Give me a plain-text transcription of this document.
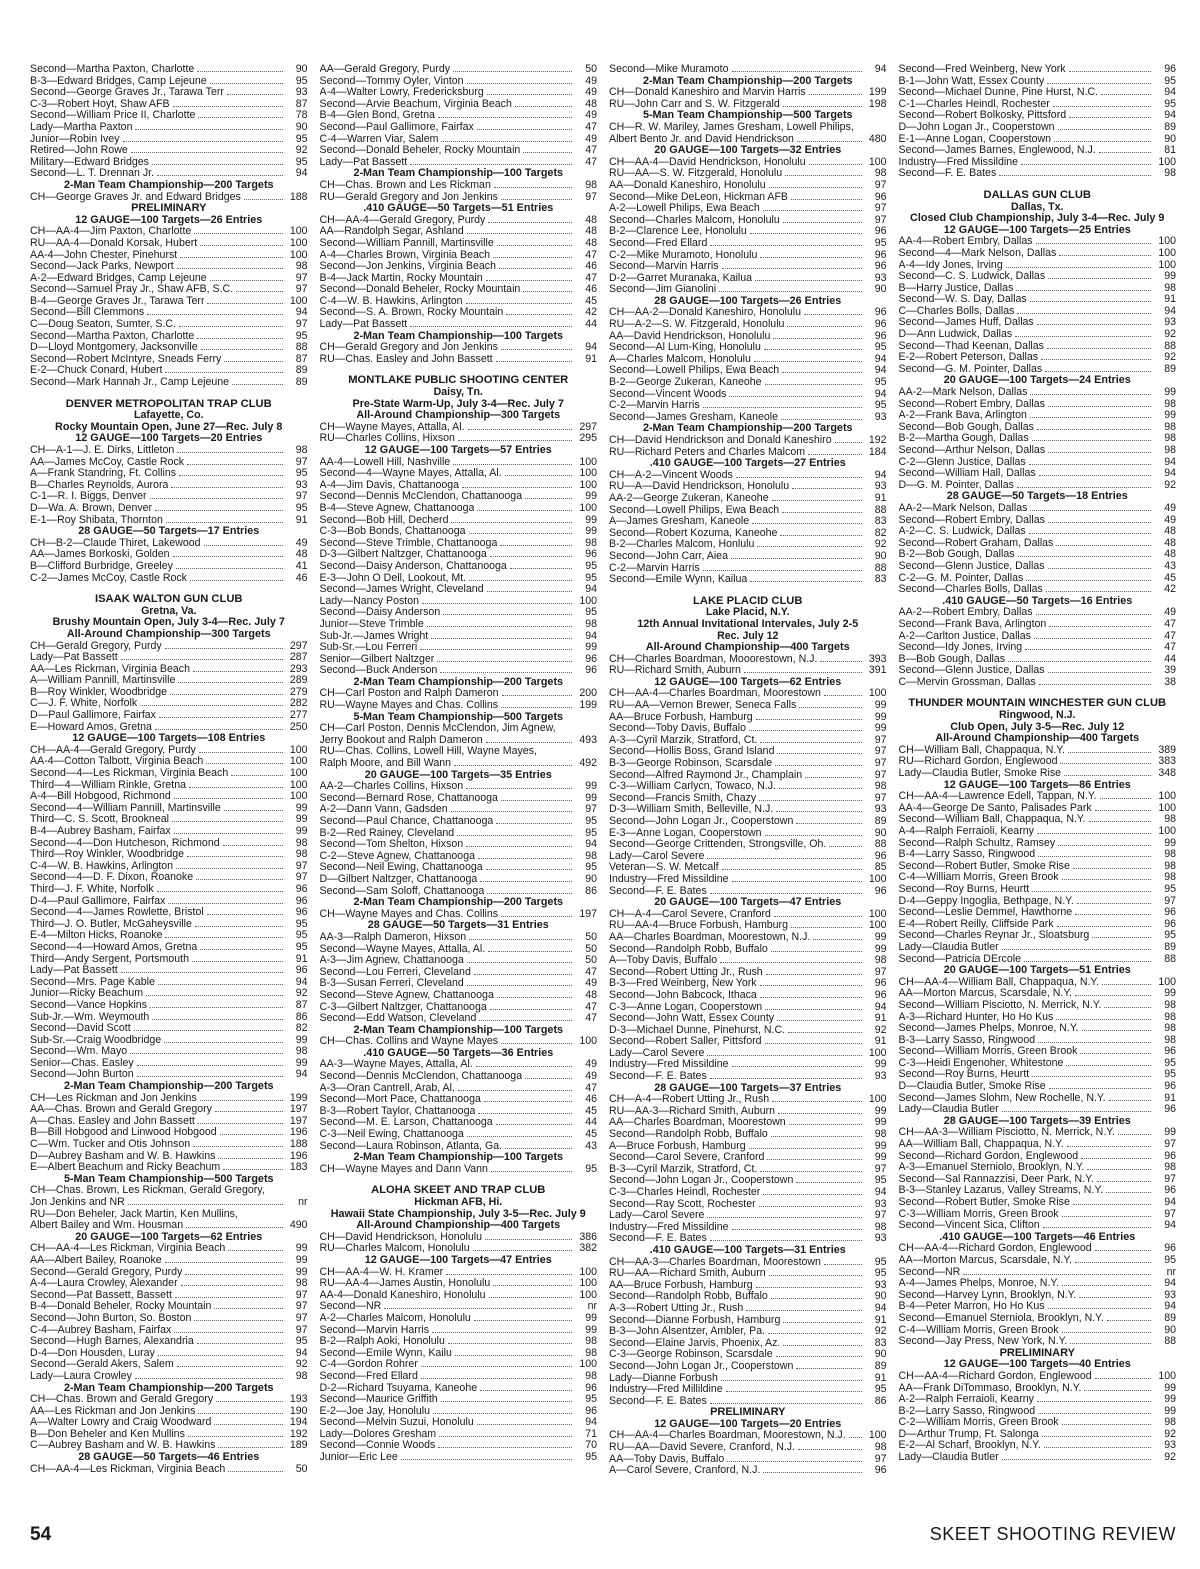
Second—Martha Paxton, Charlotte	90
B-3—Edward Bridges, Camp Lejeune	95
Second—George Graves Jr., Tarawa Terr	93
C-3—Robert Hoyt, Shaw AFB	87
Second—William Price II, Charlotte	78
Lady—Martha Paxton	90
Junior—Robin Ivey	95
Retired—John Rowe	92
Military—Edward Bridges	95
Second—L. T. Drennan Jr.	94
2-Man Team Championship—200 Targets
CH—George Graves Jr. and Edward Bridges	188
PRELIMINARY
12 GAUGE—100 Targets—26 Entries
CH—AA-4—Jim Paxton, Charlotte	100
RU—AA-4—Donald Korsak, Hubert	100
AA-4—John Chester, Pinehurst	100
Second—Jack Parks, Newport	98
A-2—Edward Bridges, Camp Lejeune	97
Second—Samuel Pray Jr., Shaw AFB, S.C.	97
B-4—George Graves Jr., Tarawa Terr	100
Second—Bill Clemmons	94
C—Doug Seaton, Sumter, S.C.	97
Second—Martha Paxton, Charlotte	95
D—Lloyd Montgomery, Jacksonville	88
Second—Robert McIntyre, Sneads Ferry	87
E-2—Chuck Conard, Hubert	89
Second—Mark Hannah Jr., Camp Lejeune	89
DENVER METROPOLITAN TRAP CLUB
Lafayette, Co.
Rocky Mountain Open, June 27—Rec. July 8
12 GAUGE—100 Targets—20 Entries
CH—A-1—J. E. Dirks, Littleton	98
AA—James McCoy, Castle Rock	97
A—Frank Standring, Ft. Collins	95
B—Charles Reynolds, Aurora	93
C-1—R. I. Biggs, Denver	97
D—Wa. A. Brown, Denver	95
E-1—Roy Shibata, Thornton	91
28 GAUGE—50 Targets—17 Entries
CH—B-2—Claude Thiret, Lakewood	49
AA—James Borkoski, Golden	48
B—Clifford Burbridge, Greeley	41
C-2—James McCoy, Castle Rock	46
ISAAK WALTON GUN CLUB
Gretna, Va.
Brushy Mountain Open, July 3-4—Rec. July 7
All-Around Championship—300 Targets
CH—Gerald Gregory, Purdy	297
Lady—Pat Bassett	287
AA—Les Rickman, Virginia Beach	293
A—William Pannill, Martinsville	289
B—Roy Winkler, Woodbridge	279
C—J. F. White, Norfolk	282
D—Paul Gallimore, Fairfax	277
E—Howard Amos, Gretna	250
12 GAUGE—100 Targets—108 Entries
CH—AA-4—Gerald Gregory, Purdy	100
AA-4—Cotton Talbott, Virginia Beach	100
Second—4—Les Rickman, Virginia Beach	100
Third—4—William Rinkle, Gretna	100
A-4—Bill Hobgood, Richmond	100
Second—4—William Pannill, Martinsville	99
Third—C. S. Scott, Brookneal	99
B-4—Aubrey Basham, Fairfax	99
Second—4—Don Hutcheson, Richmond	98
Third—Roy Winkler, Woodbridge	98
C-4—W. B. Hawkins, Arlington	97
Second—4—D. F. Dixon, Roanoke	97
Third—J. F. White, Norfolk	96
D-4—Paul Gallimore, Fairfax	96
Second—4—James Rowlette, Bristol	96
Third—J. O. Butler, McGaheysville	95
E-4—Milton Hicks, Roanoke	95
Second—4—Howard Amos, Gretna	95
Third—Andy Sergent, Portsmouth	91
Lady—Pat Bassett	96
Second—Mrs. Page Kable	94
Junior—Ricky Beachum	92
Second—Vance Hopkins	87
Sub-Jr.—Wm. Weymouth	86
Second—David Scott	82
Sub-Sr.—Craig Woodbridge	99
Second—Wm. Mayo	98
Senior—Chas. Easley	99
Second—John Burton	94
2-Man Team Championship—200 Targets
CH—Les Rickman and Jon Jenkins	199
AA—Chas. Brown and Gerald Gregory	197
A—Chas. Easley and John Bassett	197
B—Bill Hobgood and Linwood Hobgood	196
C—Wm. Tucker and Otis Johnson	188
D—Aubrey Basham and W. B. Hawkins	196
E—Albert Beachum and Ricky Beachum	183
5-Man Team Championship—500 Targets
CH—Chas. Brown, Les Rickman, Gerald Gregory,
Jon Jenkins and NR	nr
RU—Don Beheler, Jack Martin, Ken Mullins,
Albert Bailey and Wm. Housman	490
20 GAUGE—100 Targets—62 Entries
CH—AA-4—Les Rickman, Virginia Beach	99
AA—Albert Bailey, Roanoke	99
Second—Gerald Gregory, Purdy	99
A-4—Laura Crowley, Alexander	98
Second—Pat Bassett, Bassett	97
B-4—Donald Beheler, Rocky Mountain	97
Second—John Burton, So. Boston	97
C-4—Aubrey Basham, Fairfax	97
Second—Hugh Barnes, Alexandria	95
D-4—Don Housden, Luray	94
Second—Gerald Akers, Salem	92
Lady—Laura Crowley	98
2-Man Team Championship—200 Targets
CH—Chas. Brown and Gerald Gregory	193
AA—Les Rickman and Jon Jenkins	190
A—Walter Lowry and Craig Woodward	194
B—Don Beheler and Ken Mullins	192
C—Aubrey Basham and W. B. Hawkins	189
28 GAUGE—50 Targets—46 Entries
CH—AA-4—Les Rickman, Virginia Beach	50
AA—Gerald Gregory, Purdy	50
Second—Tommy Oyler, Vinton	49
A-4—Walter Lowry, Fredericksburg	49
Second—Arvie Beachum, Virginia Beach	48
B-4—Glen Bond, Gretna	49
Second—Paul Gallimore, Fairfax	47
C-4—Warren Viar, Salem	49
Second—Donald Beheler, Rocky Mountain	47
Lady—Pat Bassett	47
2-Man Team Championship—100 Targets
CH—Chas. Brown and Les Rickman	98
RU—Gerald Gregory and Jon Jenkins	97
.410 GAUGE—50 Targets—51 Entries
CH—AA-4—Gerald Gregory, Purdy	48
AA—Randolph Segar, Ashland	48
Second—William Pannill, Martinsville	48
A-4—Charles Brown, Virginia Beach	47
Second—Jon Jenkins, Virginia Beach	46
B-4—Jack Martin, Rocky Mountain	47
Second—Donald Beheler, Rocky Mountain	46
C-4—W. B. Hawkins, Arlington	45
Second—S. A. Brown, Rocky Mountain	42
Lady—Pat Bassett	44
2-Man Team Championship—100 Targets
CH—Gerald Gregory and Jon Jenkins	94
RU—Chas. Easley and John Bassett	91
MONTLAKE PUBLIC SHOOTING CENTER
Daisy, Tn.
Pre-State Warm-Up, July 3-4—Rec. July 7
All-Around Championship—300 Targets
CH—Wayne Mayes, Attalla, Al.	297
RU—Charles Collins, Hixson	295
12 GAUGE—100 Targets—57 Entries
AA-4—Lowell Hill, Nashville	100
Second—4—Wayne Mayes, Attalla, Al.	100
A-4—Jim Davis, Chattanooga	100
Second—Dennis McClendon, Chattanooga	99
B-4—Steve Agnew, Chattanooga	100
Second—Bob Hill, Decherd	99
C-3—Bob Bonds, Chattanooga	99
Second—Steve Trimble, Chattanooga	98
D-3—Gilbert Naltzger, Chattanooga	96
Second—Daisy Anderson, Chattanooga	95
E-3—John O Dell, Lookout, Mt.	95
Second—James Wright, Cleveland	94
Lady—Nancy Poston	100
Second—Daisy Anderson	95
Junior—Steve Trimble	98
Sub-Jr.—James Wright	94
Sub-Sr.—Lou Ferreri	99
Senior—Gilbert Naltzger	96
Second—Buck Anderson	96
2-Man Team Championship—200 Targets
CH—Carl Poston and Ralph Dameron	200
RU—Wayne Mayes and Chas. Collins	199
5-Man Team Championship—500 Targets
CH—Carl Poston, Dennis McClendon, Jim Agnew,
Jerry Bookout and Ralph Dameron	493
RU—Chas. Collins, Lowell Hill, Wayne Mayes,
Ralph Moore, and Bill Wann	492
20 GAUGE—100 Targets—35 Entries
AA-2—Charles Collins, Hixson	99
Second—Bernard Rose, Chattanooga	99
A-2—Dann Vann, Gadsden	97
Second—Paul Chance, Chattanooga	95
B-2—Red Rainey, Cleveland	95
Second—Tom Shelton, Hixson	94
C-2—Steve Agnew, Chattanooga	98
Second—Neil Ewing, Chattanooga	95
D—Gilbert Naltzger, Chattanooga	90
Second—Sam Soloff, Chattanooga	86
2-Man Team Championship—200 Targets
CH—Wayne Mayes and Chas. Collins	197
28 GAUGE—50 Targets—31 Entries
AA-3—Ralph Dameron, Hixson	50
Second—Wayne Mayes, Attalla, Al.	50
A-3—Jim Agnew, Chattanooga	50
Second—Lou Ferreri, Cleveland	47
B-3—Susan Ferreri, Cleveland	49
Second—Steve Agnew, Chattanooga	48
C-3—Gilbert Naltzger, Chattanooga	47
Second—Edd Watson, Cleveland	47
2-Man Team Championship—100 Targets
CH—Chas. Collins and Wayne Mayes	100
.410 GAUGE—50 Targets—36 Entries
AA-3—Wayne Mayes, Attalla, Al.	49
Second—Dennis McClendon, Chattanooga	49
A-3—Oran Cantrell, Arab, Al.	47
Second—Mort Pace, Chattanooga	46
B-3—Robert Taylor, Chattanooga	45
Second—M. E. Larson, Chattanooga	44
C-3—Neil Ewing, Chattanooga	45
Second—Laura Robinson, Atlanta, Ga.	43
2-Man Team Championship—100 Targets
CH—Wayne Mayes and Dann Vann	95
ALOHA SKEET AND TRAP CLUB
Hickman AFB, Hi.
Hawaii State Championship, July 3-5—Rec. July 9
All-Around Championship—400 Targets
CH—David Hendrickson, Honolulu	386
RU—Charles Malcom, Honolulu	382
12 GAUGE—100 Targets—47 Entries
CH—AA-4—W. H. Kramer	100
RU—AA-4—James Austin, Honolulu	100
AA-4—Donald Kaneshiro, Honolulu	100
Second—NR	nr
A-2—Charles Malcom, Honolulu	99
Second—Marvin Harris	99
B-2—Ralph Aoki, Honolulu	98
Second—Emile Wynn, Kailu	98
C-4—Gordon Rohrer	100
Second—Fred Ellard	98
D-2—Richard Tsuyama, Kaneohe	96
Second—Maurice Griffith	95
E-2—Joe Jay, Honolulu	96
Second—Melvin Suzui, Honolulu	94
Lady—Dolores Gresham	71
Second—Connie Woods	70
Junior—Eric Lee	95
Second—Mike Muramoto	94
2-Man Team Championship—200 Targets
CH—Donald Kaneshiro and Marvin Harris	199
RU—John Carr and S. W. Fitzgerald	198
5-Man Team Championship—500 Targets
CH—R. W. Mariley, James Gresham, Lowell Philips,
Albert Bento Jr. and David Hendrickson	480
20 GAUGE—100 Targets—32 Entries
CH—AA-4—David Hendrickson, Honolulu	100
RU—AA—S. W. Fitzgerald, Honolulu	98
AA—Donald Kaneshiro, Honolulu	97
Second—Mike DeLeon, Hickman AFB	96
A-2—Lowell Philips, Ewa Beach	97
Second—Charles Malcom, Honolulu	97
B-2—Clarence Lee, Honolulu	96
Second—Fred Ellard	95
C-2—Mike Muramoto, Honolulu	96
Second—Marvin Harris	96
D-2—Garret Muranaka, Kailua	93
Second—Jim Gianolini	90
28 GAUGE—100 Targets—26 Entries
CH—AA-2—Donald Kaneshiro, Honolulu	96
RU—A-2—S. W. Fitzgerald, Honolulu	96
AA—David Hendrickson, Honolulu	96
Second—Al Lum-King, Honolulu	95
A—Charles Malcom, Honolulu	94
Second—Lowell Philips, Ewa Beach	94
B-2—George Zukeran, Kaneohe	95
Second—Vincent Woods	94
C-2—Marvin Harris	95
Second—James Gresham, Kaneole	93
2-Man Team Championship—200 Targets
CH—David Hendrickson and Donald Kaneshiro	192
RU—Richard Peters and Charles Malcom	184
.410 GAUGE—100 Targets—27 Entries
CH—A-2—Vincent Woods	94
RU—A—David Hendrickson, Honolulu	93
AA-2—George Zukeran, Kaneohe	91
Second—Lowell Philips, Ewa Beach	88
A—James Gresham, Kaneole	83
Second—Robert Kozuma, Kaneohe	82
B-2—Charles Malcom, Honlulu	92
Second—John Carr, Aiea	90
C-2—Marvin Harris	88
Second—Emile Wynn, Kailua	83
LAKE PLACID CLUB
Lake Placid, N.Y.
12th Annual Invitational Intervales, July 2-5
Rec. July 12
All-Around Championship—400 Targets
CH—Charles Boardman, Mooorestown, N.J.	393
RU—Richard Smith, Auburn	391
12 GAUGE—100 Targets—62 Entries
CH—AA-4—Charles Boardman, Moorestown	100
RU—AA—Vernon Brewer, Seneca Falls	99
AA—Bruce Forbush, Hamburg	99
Second—Toby Davis, Buffalo	99
A-3—Cyril Marzik, Stratford, Ct.	97
Second—Hollis Boss, Grand Island	97
B-3—George Robinson, Scarsdale	97
Second—Alfred Raymond Jr., Champlain	97
C-3—William Carlycn, Towaco, N.J.	98
Second—Francis Smith, Chazy	97
D-3—William Smith, Belleville, N.J.	93
Second—John Logan Jr., Cooperstown	89
E-3—Anne Logan, Cooperstown	90
Second—George Crittenden, Strongsville, Oh.	88
Lady—Carol Severe	96
Veteran—S. W. Metcalf	85
Industry—Fred Missildine	100
Second—F. E. Bates	96
20 GAUGE—100 Targets—47 Entries
CH—A-4—Carol Severe, Cranford	100
RU—AA-4—Bruce Forbush, Hamburg	100
AA—Charles Boardman, Moorestown, N.J.	99
Second—Randolph Robb, Buffalo	99
A—Toby Davis, Buffalo	98
Second—Robert Utting Jr., Rush	97
B-3—Fred Weinberg, New York	96
Second—John Babcock, Ithaca	96
C-3—Anne Logan, Cooperstown	94
Second—John Watt, Essex County	91
D-3—Michael Dunne, Pinehurst, N.C.	92
Second—Robert Saller, Pittsford	91
Lady—Carol Severe	100
Industry—Fred Missildine	99
Second—F. E. Bates	93
28 GAUGE—100 Targets—37 Entries
CH—A-4—Robert Utting Jr., Rush	100
RU—AA-3—Richard Smith, Auburn	99
AA—Charles Boardman, Moorestown	99
Second—Randolph Robb, Buffalo	98
A—Bruce Forbush, Hamburg	99
Second—Carol Severe, Cranford	99
B-3—Cyril Marzik, Stratford, Ct.	97
Second—John Logan Jr., Cooperstown	95
C-3—Charles Heindl, Rochester	94
Second—Ray Scott, Rochester	93
Lady—Carol Severe	97
Industry—Fred Missildine	98
Second—F. E. Bates	93
.410 GAUGE—100 Targets—31 Entries
CH—AA-3—Charles Boardman, Moorestown	95
RU—AA—Richard Smith, Auburn	95
AA—Bruce Forbush, Hamburg	93
Second—Randolph Robb, Buffalo	90
A-3—Robert Utting Jr., Rush	94
Second—Dianne Forbush, Hamburg	91
B-3—John Alsentzer, Ambler, Pa.	92
Second—Elaine Jarvis, Phoenix, Az.	83
C-3—George Robinson, Scarsdale	90
Second—John Logan Jr., Cooperstown	89
Lady—Dianne Forbush	91
Industry—Fred Millildine	95
Second—F. E. Bates	86
PRELIMINARY
12 GAUGE—100 Targets—20 Entries
CH—AA-4—Charles Boardman, Moorestown, N.J.	100
RU—AA—David Severe, Cranford, N.J.	98
AA—Toby Davis, Buffalo	97
A—Carol Severe, Cranford, N.J.	96
Second—Fred Weinberg, New York	96
B-1—John Watt, Essex County	95
Second—Michael Dunne, Pine Hurst, N.C.	94
C-1—Charles Heindl, Rochester	95
Second—Robert Bolkosky, Pittsford	94
D—John Logan Jr., Cooperstown	89
E-1—Anne Logan, Cooperstown	90
Second—James Barnes, Englewood, N.J.	81
Industry—Fred Missildine	100
Second—F. E. Bates	98
DALLAS GUN CLUB
Dallas, Tx.
Closed Club Championship, July 3-4—Rec. July 9
12 GAUGE—100 Targets—25 Entries
AA-4—Robert Embry, Dallas	100
Second—4—Mark Nelson, Dallas	100
A-4—Idy Jones, Irving	100
Second—C. S. Ludwick, Dallas	99
B—Harry Justice, Dallas	98
Second—W. S. Day, Dallas	91
C—Charles Bolls, Dallas	94
Second—James Huff, Dallas	93
D—Ann Ludwick, Dallas	92
Second—Thad Keenan, Dallas	88
E-2—Robert Peterson, Dallas	92
Second—G. M. Pointer, Dallas	89
20 GAUGE—100 Targets—24 Entries
AA-2—Mark Nelson, Dallas	99
Second—Robert Embry, Dallas	98
A-2—Frank Bava, Arlington	99
Second—Bob Gough, Dallas	98
B-2—Martha Gough, Dallas	98
Second—Arthur Nelson, Dallas	98
C-2—Glenn Justice, Dallas	94
Second—William Hall, Dallas	94
D—G. M. Pointer, Dallas	92
28 GAUGE—50 Targets—18 Entries
AA-2—Mark Nelson, Dallas	49
Second—Robert Embry, Dallas	49
A-2—C. S. Ludwick, Dallas	48
Second—Robert Graham, Dallas	48
B-2—Bob Gough, Dallas	48
Second—Glenn Justice, Dallas	43
C-2—G. M. Pointer, Dallas	45
Second—Charles Bolls, Dallas	42
.410 GAUGE—50 Targets—16 Entries
AA-2—Robert Embry, Dallas	49
Second—Frank Bava, Arlington	47
A-2—Carlton Justice, Dallas	47
Second—Idy Jones, Irving	47
B—Bob Gough, Dallas	44
Second—Glenn Justice, Dallas	39
C—Mervin Grossman, Dallas	38
THUNDER MOUNTAIN WINCHESTER GUN CLUB
Ringwood, N.J.
Club Open, July 3-5—Rec. July 12
All-Around Championship—400 Targets
CH—William Ball, Chappaqua, N.Y.	389
RU—Richard Gordon, Englewood	383
Lady—Claudia Butler, Smoke Rise	348
12 GAUGE—100 Targets—86 Entries
CH—AA-4—Lawrence Edell, Tappan, N.Y.	100
AA-4—George De Santo, Palisades Park	100
Second—William Ball, Chappaqua, N.Y.	98
A-4—Ralph Ferraioli, Kearny	100
Second—Ralph Schultz, Ramsey	99
B-4—Larry Sasso, Ringwood	98
Second—Robert Butler, Smoke Rise	98
C-4—William Morris, Green Brook	98
Second—Roy Burns, Heurtt	95
D-4—Geppy Ingoglia, Bethpage, N.Y.	97
Second—Leslie Demmel, Hawthorne	96
E-4—Robert Reilly, Cliffside Park	96
Second—Charles Reynar Jr., Sloatsburg	95
Lady—Claudia Butler	89
Second—Patricia DErcole	88
20 GAUGE—100 Targets—51 Entries
CH—AA-4—William Ball, Chappaqua, N.Y.	100
AA—Morton Marcus, Scarsdale, N.Y.	99
Second—William Pisciotto, N. Merrick, N.Y.	98
A-3—Richard Hunter, Ho Ho Kus	98
Second—James Phelps, Monroe, N.Y.	98
B-3—Larry Sasso, Ringwood	98
Second—William Morris, Green Brook	96
C-3—Heidi Engenoher, Whitestone	95
Second—Roy Burns, Heurtt	95
D—Claudia Butler, Smoke Rise	96
Second—James Slohm, New Rochelle, N.Y.	91
Lady—Claudia Butler	96
28 GAUGE—100 Targets—39 Entries
CH—AA-3—William Pisciotto, N. Merrick, N.Y.	99
AA—William Ball, Chappaqua, N.Y.	97
Second—Richard Gordon, Englewood	96
A-3—Emanuel Sterniolo, Brooklyn, N.Y.	98
Second—Sal Rannazzisi, Deer Park, N.Y.	97
B-3—Stanley Lazarus, Valley Streams, N.Y.	96
Second—Robert Butler, Smoke Rise	94
C-3—William Morris, Green Brook	97
Second—Vincent Sica, Clifton	94
.410 GAUGE—100 Targets—46 Entries
CH—AA-4—Richard Gordon, Englewood	96
AA—Morton Marcus, Scarsdale, N.Y.	95
Second—NR	nr
A-4—James Phelps, Monroe, N.Y.	94
Second—Harvey Lynn, Brooklyn, N.Y.	93
B-4—Peter Marron, Ho Ho Kus	94
Second—Emanuel Sterniola, Brooklyn, N.Y.	89
C-4—William Morris, Green Brook	90
Second—Jay Press, New York, N.Y.	88
PRELIMINARY
12 GAUGE—100 Targets—40 Entries
CH—AA-4—Richard Gordon, Englewood	100
AA—Frank DiTommaso, Brooklyn, N.Y.	99
A-2—Ralph Ferraioli, Kearny	99
B-2—Larry Sasso, Ringwood	99
C-2—William Morris, Green Brook	98
D—Arthur Trump, Ft. Salonga	92
E-2—Al Scharf, Brooklyn, N.Y.	93
Lady—Claudia Butler	92
54	SKEET SHOOTING REVIEW
